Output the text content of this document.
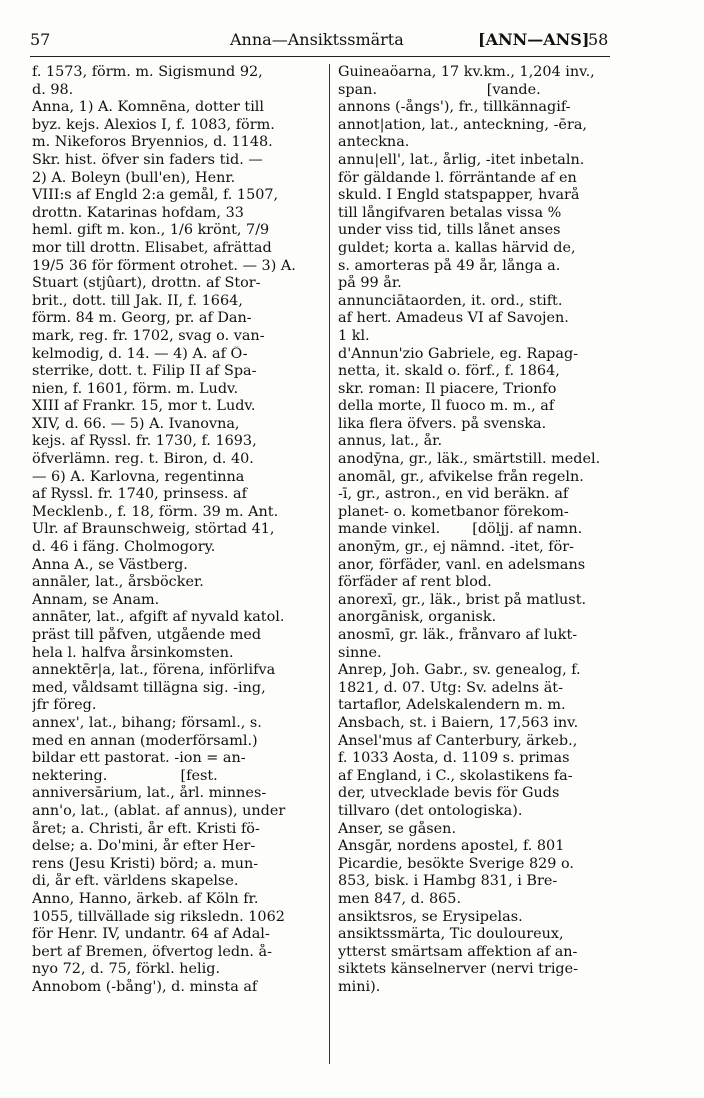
57	Anna—Ansiktssmärta	[ANN—ANS]
58
f. 1573, förm. m. Sigismund 92,
d. 98.
Anna, 1) A. Komnēna, dotter till
byz. kejs. Alexios I, f. 1083, förm.
m. Nikeforos Bryennios, d. 1148.
Skr. hist. öfver sin faders tid. —
2) A. Boleyn (bull'en), Henr.
VIII:s af Engld 2:a gemål, f. 1507,
drottn. Katarinas hofdam, 33
heml. gift m. kon., 1/6 krönt, 7/9
mor till drottn. Elisabet, afrättad
19/5 36 för förment otrohet. — 3) A.
Stuart (stjûart), drottn. af Stor-
brit., dott. till Jak. II, f. 1664,
förm. 84 m. Georg, pr. af Dan-
mark, reg. fr. 1702, svag o. van-
kelmodig, d. 14. — 4) A. af Ö-
sterrike, dott. t. Filip II af Spa-
nien, f. 1601, förm. m. Ludv.
XIII af Frankr. 15, mor t. Ludv.
XIV, d. 66. — 5) A. Ivanovna,
kejs. af Ryssl. fr. 1730, f. 1693,
öfverlämn. reg. t. Biron, d. 40.
— 6) A. Karlovna, regentinna
af Ryssl. fr. 1740, prinsess. af
Mecklenb., f. 18, förm. 39 m. Ant.
Ulr. af Braunschweig, störtad 41,
d. 46 i fäng. Cholmogory.
Anna A., se Västberg.
annāler, lat., årsböcker.
Annam, se Anam.
annāter, lat., afgift af nyvald katol.
präst till påfven, utgående med
hela l. halfva årsinkomsten.
annektēr|a, lat., förena, införlifva
med, våldsamt tillägna sig. -ing,
jfr föreg.
annex', lat., bihang; församl., s.
med en annan (moderförsaml.)
bildar ett pastorat. -ion = an-
nektering.                [fest.
anniversārium, lat., årl. minnes-
ann'o, lat., (ablat. af annus), under
året; a. Christi, år eft. Kristi fö-
delse; a. Do'mini, år efter Her-
rens (Jesu Kristi) börd; a. mun-
di, år eft. världens skapelse.
Anno, Hanno, ärkeb. af Köln fr.
1055, tillvällade sig riksledn. 1062
för Henr. IV, undantr. 64 af Adal-
bert af Bremen, öfvertog ledn. å-
nyo 72, d. 75, förkl. helig.
Annobom (-bång'), d. minsta af
Guineaöarna, 17 kv.km., 1,204 inv.,
span.                        [vande.
annons (-ångs'), fr., tillkännagif-
annot|ation, lat., anteckning, -ēra,
anteckna.
annu|ell', lat., årlig, -itet inbetaln.
för gäldande l. förräntande af en
skuld. I Engld statspapper, hvarå
till långifvaren betalas vissa %
under viss tid, tills lånet anses
guldet; korta a. kallas härvid de,
s. amorteras på 49 år, långa a.
på 99 år.
annunciātaorden, it. ord., stift.
af hert. Amadeus VI af Savojen.
1 kl.
d'Annun'zio Gabriele, eg. Rapag-
netta, it. skald o. förf., f. 1864,
skr. roman: Il piacere, Trionfo
della morte, Il fuoco m. m., af
lika flera öfvers. på svenska.
annus, lat., år.
anodȳna, gr., läk., smärtstill. medel.
anomāl, gr., afvikelse från regeln.
-ī, gr., astron., en vid beräkn. af
planet- o. kometbanor förekom-
mande vinkel.       [döljj. af namn.
anonȳm, gr., ej nämnd. -itet, för-
anor, förfäder, vanl. en adelsmans
förfäder af rent blod.
anorexī, gr., läk., brist på matlust.
anorgānisk, organisk.
anosmī, gr. läk., frånvaro af lukt-
sinne.
Anrep, Joh. Gabr., sv. genealog, f.
1821, d. 07. Utg: Sv. adelns ät-
tartaflor, Adelskalendern m. m.
Ansbach, st. i Baiern, 17,563 inv.
Ansel'mus af Canterbury, ärkeb.,
f. 1033 Aosta, d. 1109 s. primas
af England, i C., skolastikens fa-
der, utvecklade bevis för Guds
tillvaro (det ontologiska).
Anser, se gåsen.
Ansgār, nordens apostel, f. 801
Picardie, besökte Sverige 829 o.
853, bisk. i Hambg 831, i Bre-
men 847, d. 865.
ansiktsros, se Erysipelas.
ansiktssmärta, Tic douloureux,
ytterst smärtsam affektion af an-
siktets känselnerver (nervi trige-
mini).
